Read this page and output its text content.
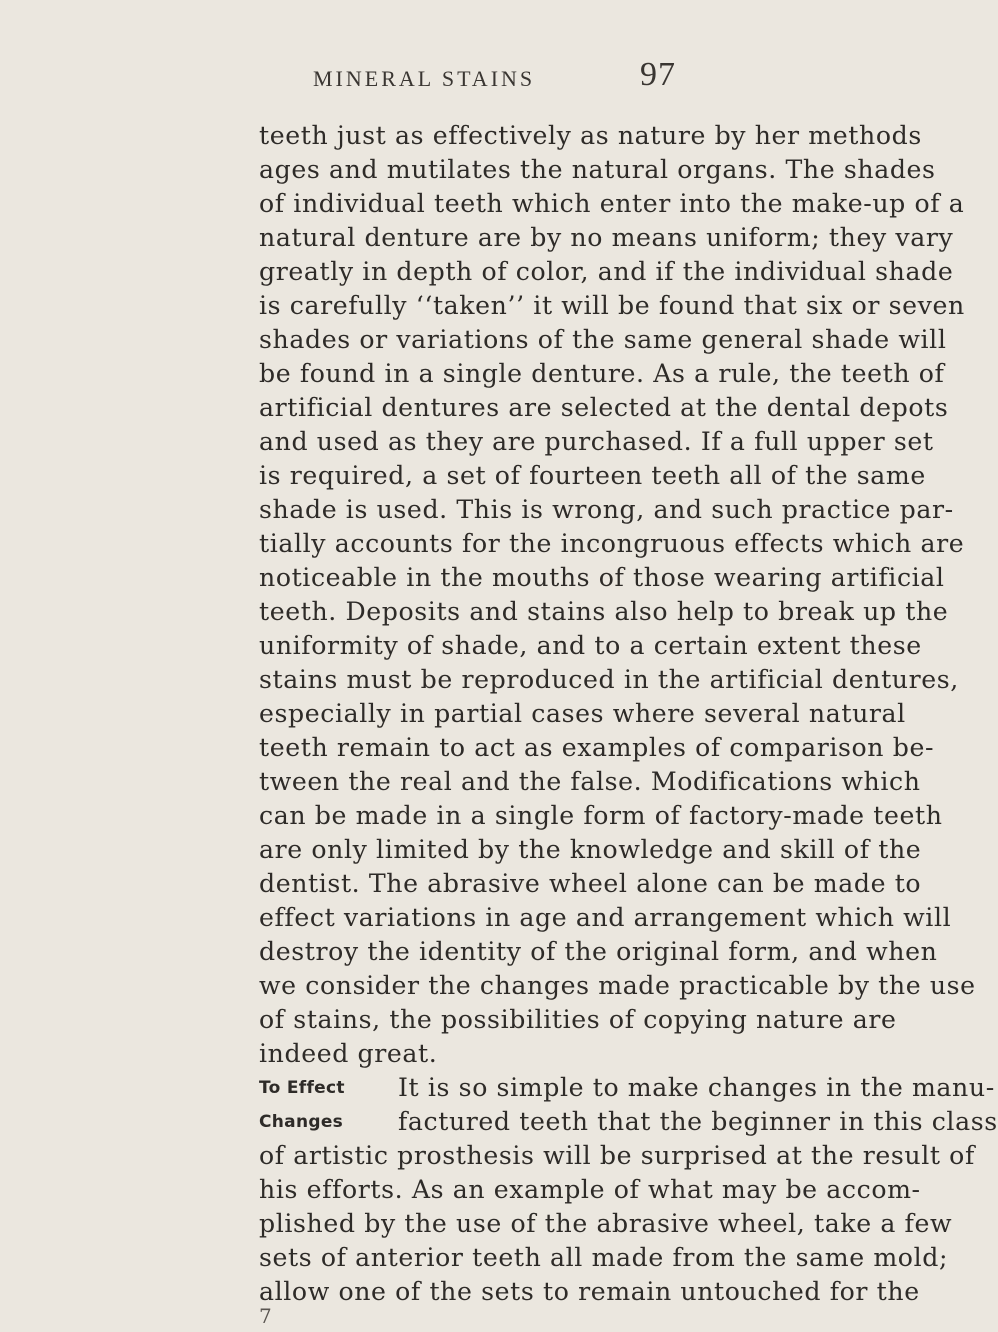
MINERAL STAINS	97
teeth just as effectively as nature by her methods
ages and mutilates the natural organs. The shades
of individual teeth which enter into the make-up of a
natural denture are by no means uniform; they vary
greatly in depth of color, and if the individual shade
is carefully ‘‘taken’’ it will be found that six or seven
shades or variations of the same general shade will
be found in a single denture. As a rule, the teeth of
artificial dentures are selected at the dental depots
and used as they are purchased. If a full upper set
is required, a set of fourteen teeth all of the same
shade is used. This is wrong, and such practice par-
tially accounts for the incongruous effects which are
noticeable in the mouths of those wearing artificial
teeth. Deposits and stains also help to break up the
uniformity of shade, and to a certain extent these
stains must be reproduced in the artificial dentures,
especially in partial cases where several natural
teeth remain to act as examples of comparison be-
tween the real and the false. Modifications which
can be made in a single form of factory-made teeth
are only limited by the knowledge and skill of the
dentist. The abrasive wheel alone can be made to
effect variations in age and arrangement which will
destroy the identity of the original form, and when
we consider the changes made practicable by the use
of stains, the possibilities of copying nature are
indeed great.
To Effect
Changes
It is so simple to make changes in the manu-
factured teeth that the beginner in this class
of artistic prosthesis will be surprised at the result of
his efforts. As an example of what may be accom-
plished by the use of the abrasive wheel, take a few
sets of anterior teeth all made from the same mold;
allow one of the sets to remain untouched for the
7
